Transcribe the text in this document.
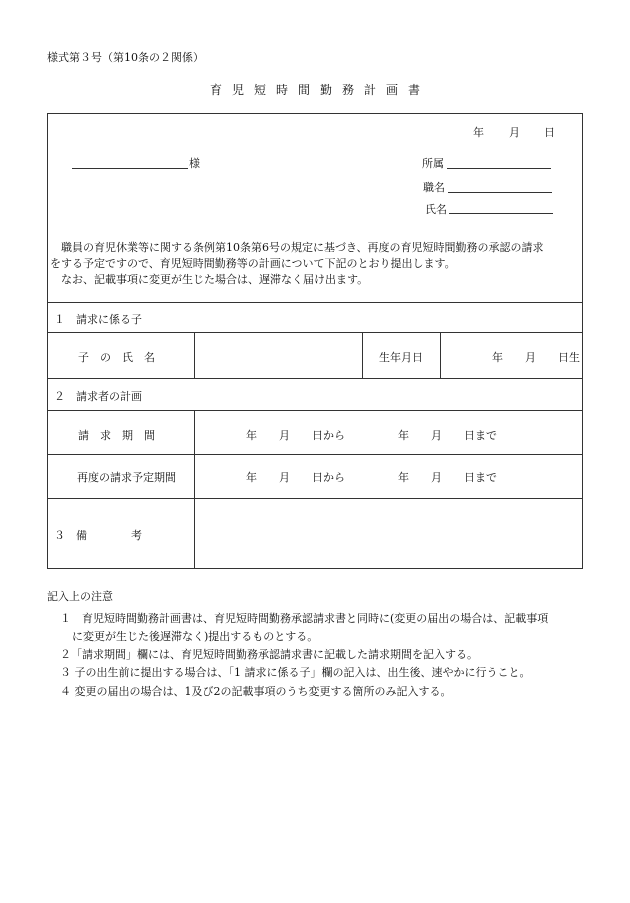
様式第３号（第10条の２関係）
育児短時間勤務計画書
年 月 日
様	所属
職名
氏名
　職員の育児休業等に関する条例第10条第6号の規定に基づき、再度の育児短時間勤務の承認の請求
をする予定ですので、育児短時間勤務等の計画について下記のとおり提出します。
　なお、記載事項に変更が生じた場合は、遅滞なく届け出ます。
１　請求に係る子
子　の　氏　名	生年月日	年　　月　　日生
２　請求者の計画
請　求　期　間	年　　月　　日から	年　　月　　日まで
再度の請求予定期間	年　　月　　日から	年　　月　　日まで
３　備　　　　考
記入上の注意
１　育児短時間勤務計画書は、育児短時間勤務承認請求書と同時に(変更の届出の場合は、記載事項
に変更が生じた後遅滞なく)提出するものとする。
２「請求期間」欄には、育児短時間勤務承認請求書に記載した請求期間を記入する。
３ 子の出生前に提出する場合は、「1 請求に係る子」欄の記入は、出生後、速やかに行うこと。
４ 変更の届出の場合は、1及び2の記載事項のうち変更する箇所のみ記入する。
